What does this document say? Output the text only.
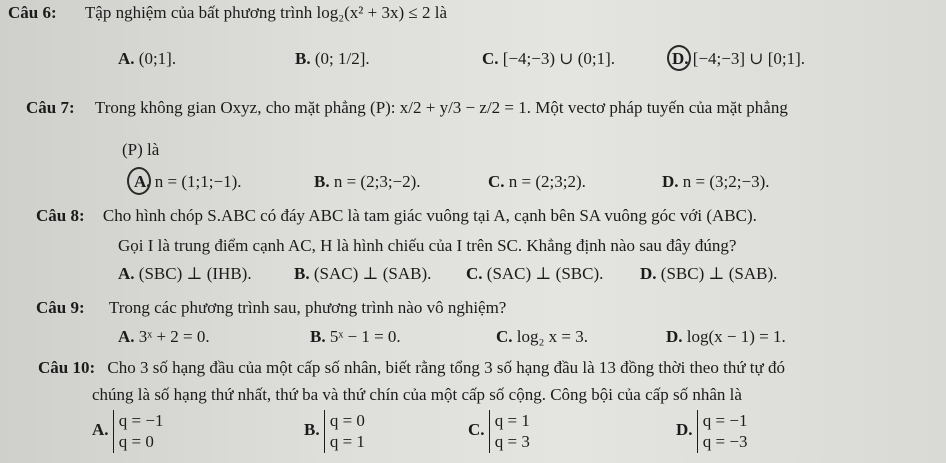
Câu 6: Tập nghiệm của bất phương trình log₂(x² + 3x) ≤ 2 là
A. (0;1].	B. (0; 1/2].	C. [−4;−3) ∪ (0;1].	D. [−4;−3] ∪ [0;1].
Câu 7: Trong không gian Oxyz, cho mặt phẳng (P): x/2 + y/3 − z/2 = 1. Một vectơ pháp tuyến của mặt phẳng
(P) là
A. n = (1;1;−1).	B. n = (2;3;−2).	C. n = (2;3;2).	D. n = (3;2;−3).
Câu 8: Cho hình chóp S.ABC có đáy ABC là tam giác vuông tại A, cạnh bên SA vuông góc với (ABC).
Gọi I là trung điểm cạnh AC, H là hình chiếu của I trên SC. Khẳng định nào sau đây đúng?
A. (SBC) ⊥ (IHB). B. (SAC) ⊥ (SAB). C. (SAC) ⊥ (SBC). D. (SBC) ⊥ (SAB).
Câu 9: Trong các phương trình sau, phương trình nào vô nghiệm?
A. 3ˣ + 2 = 0.	B. 5ˣ − 1 = 0.	C. log₂ x = 3.	D. log(x − 1) = 1.
Câu 10: Cho 3 số hạng đầu của một cấp số nhân, biết rằng tổng 3 số hạng đầu là 13 đồng thời theo thứ tự đó
chúng là số hạng thứ nhất, thứ ba và thứ chín của một cấp số cộng. Công bội của cấp số nhân là
A. q = −1
q = 0
B. q = 0
q = 1
C. q = 1
q = 3
D. q = −1
q = −3
